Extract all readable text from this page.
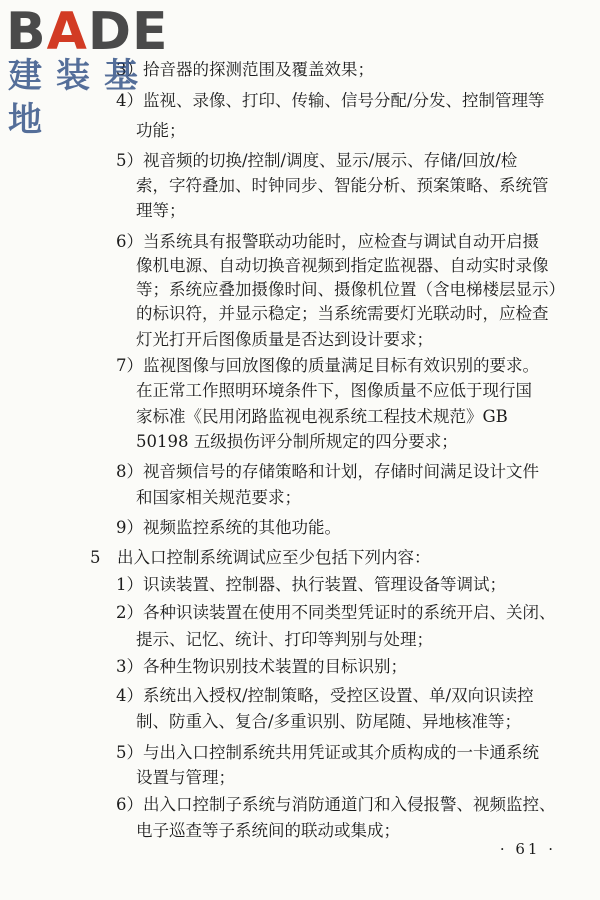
3）拾音器的探测范围及覆盖效果；
4）监视、录像、打印、传输、信号分配/分发、控制管理等
功能；
5）视音频的切换/控制/调度、显示/展示、存储/回放/检
索，字符叠加、时钟同步、智能分析、预案策略、系统管
理等；
6）当系统具有报警联动功能时，应检查与调试自动开启摄
像机电源、自动切换音视频到指定监视器、自动实时录像
等；系统应叠加摄像时间、摄像机位置（含电梯楼层显示）
的标识符，并显示稳定；当系统需要灯光联动时，应检查
灯光打开后图像质量是否达到设计要求；
7）监视图像与回放图像的质量满足目标有效识别的要求。
在正常工作照明环境条件下，图像质量不应低于现行国
家标准《民用闭路监视电视系统工程技术规范》GB
50198 五级损伤评分制所规定的四分要求；
8）视音频信号的存储策略和计划，存储时间满足设计文件
和国家相关规范要求；
9）视频监控系统的其他功能。
5　出入口控制系统调试应至少包括下列内容：
1）识读装置、控制器、执行装置、管理设备等调试；
2）各种识读装置在使用不同类型凭证时的系统开启、关闭、
提示、记忆、统计、打印等判别与处理；
3）各种生物识别技术装置的目标识别；
4）系统出入授权/控制策略，受控区设置、单/双向识读控
制、防重入、复合/多重识别、防尾随、异地核准等；
5）与出入口控制系统共用凭证或其介质构成的一卡通系统
设置与管理；
6）出入口控制子系统与消防通道门和入侵报警、视频监控、
电子巡查等子系统间的联动或集成；
· 61 ·
BADE
建装基地
